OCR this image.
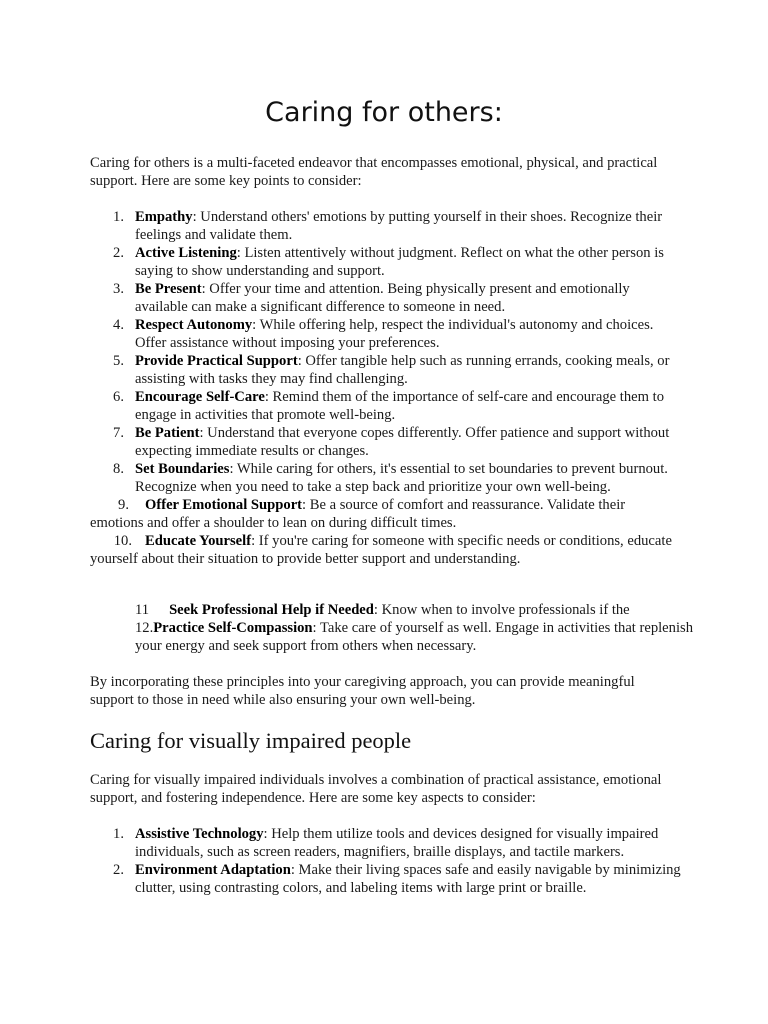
Caring for others:

Caring for others is a multi-faceted endeavor that encompasses emotional, physical, and practical support. Here are some key points to consider:

1. Empathy: Understand others' emotions by putting yourself in their shoes. Recognize their feelings and validate them.
2. Active Listening: Listen attentively without judgment. Reflect on what the other person is saying to show understanding and support.
3. Be Present: Offer your time and attention. Being physically present and emotionally available can make a significant difference to someone in need.
4. Respect Autonomy: While offering help, respect the individual's autonomy and choices. Offer assistance without imposing your preferences.
5. Provide Practical Support: Offer tangible help such as running errands, cooking meals, or assisting with tasks they may find challenging.
6. Encourage Self-Care: Remind them of the importance of self-care and encourage them to engage in activities that promote well-being.
7. Be Patient: Understand that everyone copes differently. Offer patience and support without expecting immediate results or changes.
8. Set Boundaries: While caring for others, it's essential to set boundaries to prevent burnout. Recognize when you need to take a step back and prioritize your own well-being.
9. Offer Emotional Support: Be a source of comfort and reassurance. Validate their emotions and offer a shoulder to lean on during difficult times.
10. Educate Yourself: If you're caring for someone with specific needs or conditions, educate yourself about their situation to provide better support and understanding.

11 Seek Professional Help if Needed: Know when to involve professionals if the

12.Practice Self-Compassion: Take care of yourself as well. Engage in activities that replenish your energy and seek support from others when necessary.

By incorporating these principles into your caregiving approach, you can provide meaningful support to those in need while also ensuring your own well-being.

Caring for visually impaired people

Caring for visually impaired individuals involves a combination of practical assistance, emotional support, and fostering independence. Here are some key aspects to consider:

1. Assistive Technology: Help them utilize tools and devices designed for visually impaired individuals, such as screen readers, magnifiers, braille displays, and tactile markers.
2. Environment Adaptation: Make their living spaces safe and easily navigable by minimizing clutter, using contrasting colors, and labeling items with large print or braille.
